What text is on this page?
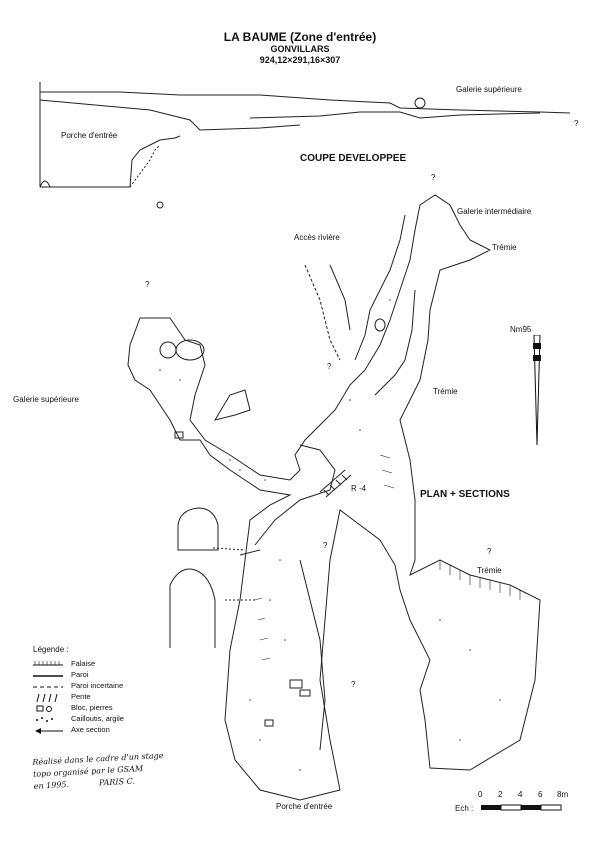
LA BAUME (Zone d'entrée)
GONVILLARS
924,12×291,16×307
Galerie supérieure
?
Porche d'entrée
COUPE DEVELOPPEE
?
Galerie intermédiaire
Trémie
Accès rivière
?
?
Galerie supérieure
Trémie
R -4
PLAN + SECTIONS
?
?
Trémie
?
Porche d'entrée
Nm95
Légende :
Falaise
Paroi
Paroi incertaine
Pente
Bloc, pierres
Cailloutis, argile
Axe section
Réalisé dans le cadre d'un stage
topo organisé par le GSAM
en 1995.	PARIS C.
Ech :
0 2 4 6 8m
